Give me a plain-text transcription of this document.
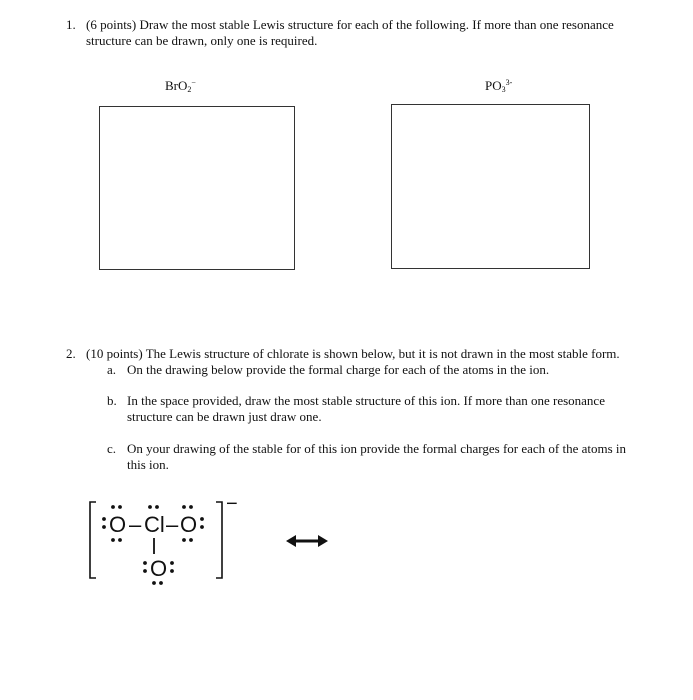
1. (6 points) Draw the most stable Lewis structure for each of the following. If more than one resonance
structure can be drawn, only one is required.
BrO$_2$−	$PO_3^{3-}$
2. (10 points) The Lewis structure of chlorate is shown below, but it is not drawn in the most stable form.
a. On the drawing below provide the formal charge for each of the atoms in the ion.
b. In the space provided, draw the most stable structure of this ion. If more than one resonance
structure can be drawn just draw one.
c. On your drawing of the stable for of this ion provide the formal charges for each of the atoms in
this ion.
−
O – Cl – O
O
